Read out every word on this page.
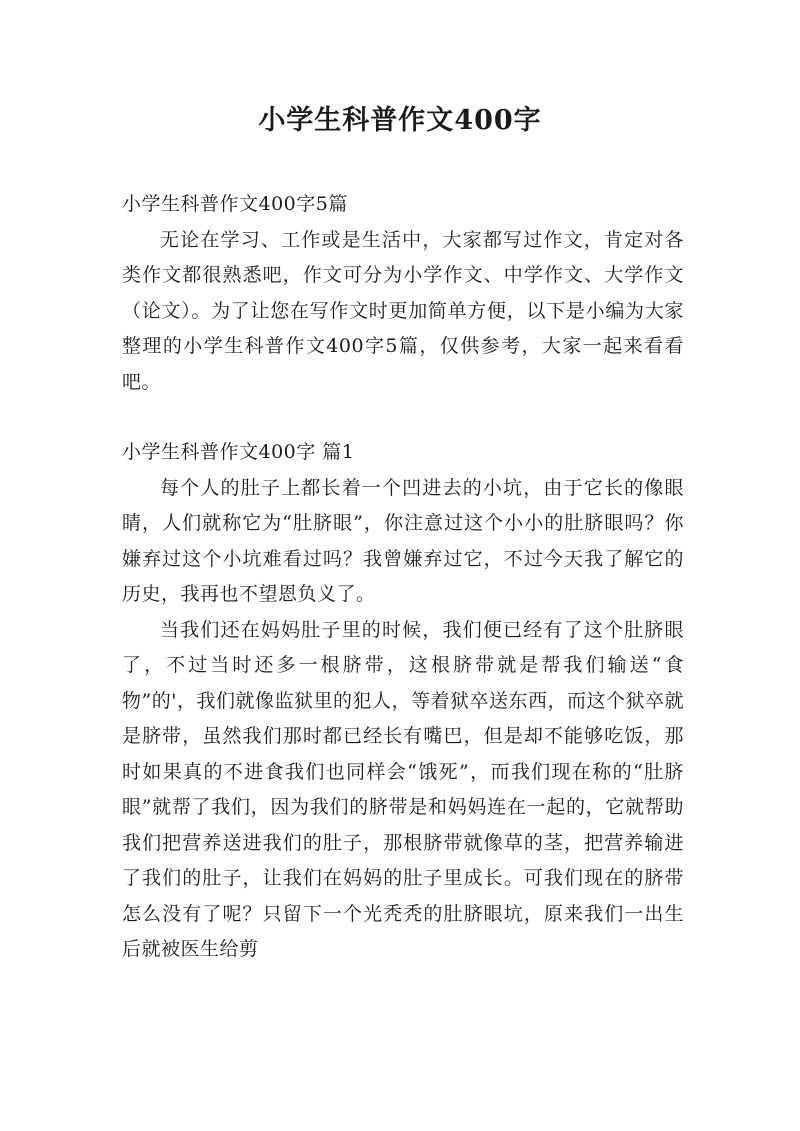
小学生科普作文400字

小学生科普作文400字5篇

无论在学习、工作或是生活中，大家都写过作文，肯定对各类作文都很熟悉吧，作文可分为小学作文、中学作文、大学作文（论文）。为了让您在写作文时更加简单方便，以下是小编为大家整理的小学生科普作文400字5篇，仅供参考，大家一起来看看吧。

小学生科普作文400字 篇1

每个人的肚子上都长着一个凹进去的小坑，由于它长的像眼睛，人们就称它为“肚脐眼”，你注意过这个小小的肚脐眼吗？你嫌弃过这个小坑难看过吗？我曾嫌弃过它，不过今天我了解它的历史，我再也不望恩负义了。

当我们还在妈妈肚子里的时候，我们便已经有了这个肚脐眼了，不过当时还多一根脐带，这根脐带就是帮我们输送“食物”的'，我们就像监狱里的犯人，等着狱卒送东西，而这个狱卒就是脐带，虽然我们那时都已经长有嘴巴，但是却不能够吃饭，那时如果真的不进食我们也同样会“饿死”，而我们现在称的“肚脐眼”就帮了我们，因为我们的脐带是和妈妈连在一起的，它就帮助我们把营养送进我们的肚子，那根脐带就像草的茎，把营养输进了我们的肚子，让我们在妈妈的肚子里成长。可我们现在的脐带怎么没有了呢？只留下一个光秃秃的肚脐眼坑，原来我们一出生后就被医生给剪
